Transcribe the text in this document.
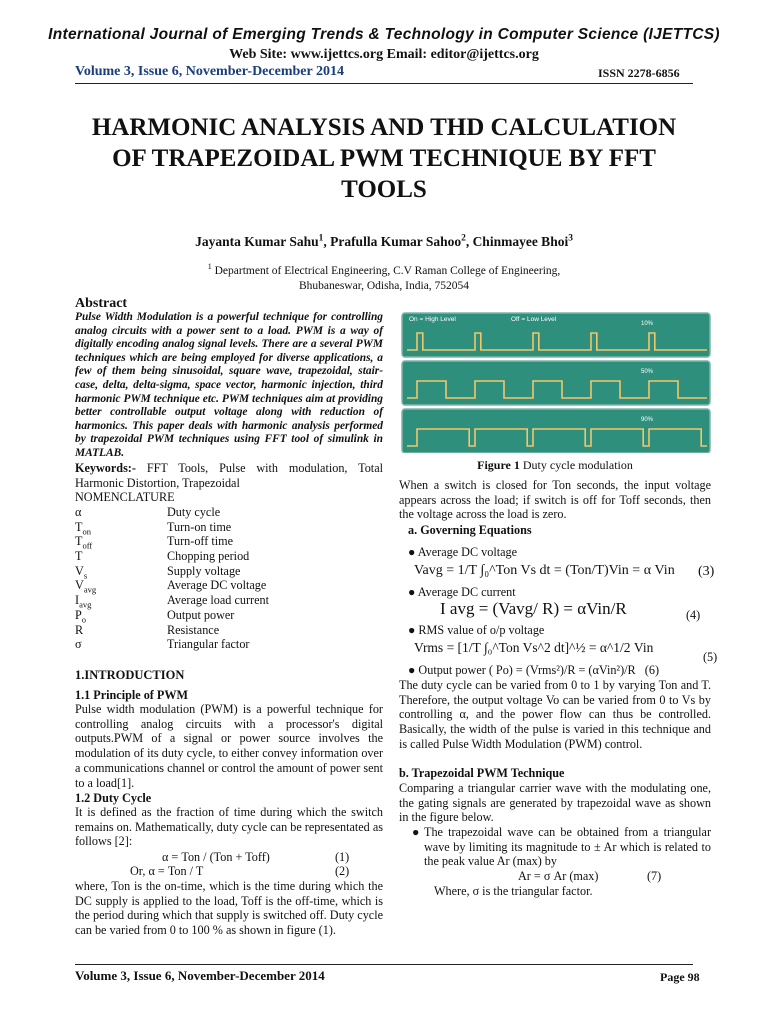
International Journal of Emerging Trends & Technology in Computer Science (IJETTCS)
Web Site: www.ijettcs.org Email: editor@ijettcs.org
Volume 3, Issue 6, November-December 2014	ISSN 2278-6856
HARMONIC ANALYSIS AND THD CALCULATION OF TRAPEZOIDAL PWM TECHNIQUE BY FFT TOOLS
Jayanta Kumar Sahu$^1$, Prafulla Kumar Sahoo$^2$, Chinmayee Bhoi$^3$
$^1$ Department of Electrical Engineering, C.V Raman College of Engineering,
Bhubaneswar, Odisha, India, 752054
Abstract
Pulse Width Modulation is a powerful technique for controlling analog circuits with a power sent to a load. PWM is a way of digitally encoding analog signal levels. There are a several PWM techniques which are being employed for diverse applications, a few of them being sinusoidal, square wave, trapezoidal, stair-case, delta, delta-sigma, space vector, harmonic injection, third harmonic PWM technique etc. PWM techniques aim at providing better controllable output voltage along with reduction of harmonics. This paper deals with harmonic analysis performed by trapezoidal PWM techniques using FFT tool of simulink in MATLAB.
Keywords:- FFT Tools, Pulse with modulation, Total Harmonic Distortion, Trapezoidal
NOMENCLATURE
α	Duty cycle
$T_{on}$	Turn-on time
$T_{off}$	Turn-off time
T	Chopping period
$V_s$	Supply voltage
$V_{avg}$	Average DC voltage
$I_{avg}$	Average load current
$P_o$	Output power
R	Resistance
σ	Triangular factor
1.INTRODUCTION
1.1 Principle of PWM
Pulse width modulation (PWM) is a powerful technique for controlling analog circuits with a processor's digital outputs.PWM of a signal or power source involves the modulation of its duty cycle, to either convey information over a communications channel or control the amount of power sent to a load[1].
1.2 Duty Cycle
It is defined as the fraction of time during which the switch remains on. Mathematically, duty cycle can be representated as follows [2]:
α = Ton / (Ton + Toff)	(1)
Or, α = Ton / T	(2)
where, Ton is the on-time, which is the time during which the DC supply is applied to the load, Toff is the off-time, which is the period during which that supply is switched off. Duty cycle can be varied from 0 to 100 % as shown in figure (1).
10%
50%
90%
On = High Level	Off = Low Level
Figure 1 Duty cycle modulation
When a switch is closed for Ton seconds, the input voltage appears across the load; if switch is off for Toff seconds, then the voltage across the load is zero.
a. Governing Equations
● Average DC voltage
Vavg = 1/T ∫₀^Ton Vs dt = (Ton/T)Vin = α Vin (3)
● Average DC current
I avg = (Vavg/ R) = αVin/R	(4)
● RMS value of o/p voltage
Vrms = [1/T ∫₀^Ton Vs^2 dt]^½ = α^1/2 Vin
(5)
● Output power ( Po) = (Vrms²)/R = (αVin²)/R (6)
The duty cycle can be varied from 0 to 1 by varying Ton and T. Therefore, the output voltage Vo can be varied from 0 to Vs by controlling α, and the power flow can thus be controlled. Basically, the width of the pulse is varied in this technique and is called Pulse Width Modulation (PWM) control.
b. Trapezoidal PWM Technique
Comparing a triangular carrier wave with the modulating one, the gating signals are generated by trapezoidal wave as shown in the figure below.
● The trapezoidal wave can be obtained from a triangular wave by limiting its magnitude to ± Ar which is related to the peak value Ar (max) by
Ar = σ Ar (max)	(7)
Where, σ is the triangular factor.
Volume 3, Issue 6, November-December 2014	Page 98
